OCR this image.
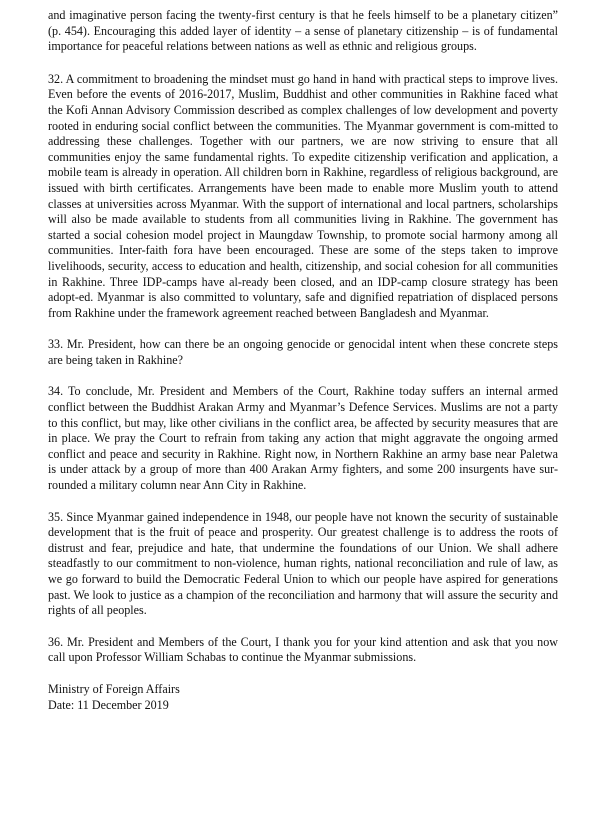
and imaginative person facing the twenty-first century is that he feels himself to be a planetary citizen” (p. 454). Encouraging this added layer of identity – a sense of planetary citizenship – is of fundamental importance for peaceful relations between nations as well as ethnic and religious groups.

32. A commitment to broadening the mindset must go hand in hand with practical steps to improve lives. Even before the events of 2016-2017, Muslim, Buddhist and other communities in Rakhine faced what the Kofi Annan Advisory Commission described as complex challenges of low development and poverty rooted in enduring social conflict between the communities. The Myanmar government is com-mitted to addressing these challenges. Together with our partners, we are now striving to ensure that all communities enjoy the same fundamental rights. To expedite citizenship verification and application, a mobile team is already in operation. All children born in Rakhine, regardless of religious background, are issued with birth certificates. Arrangements have been made to enable more Muslim youth to attend classes at universities across Myanmar. With the support of international and local partners, scholarships will also be made available to students from all communities living in Rakhine. The government has started a social cohesion model project in Maungdaw Township, to promote social harmony among all communities. Inter-faith fora have been encouraged. These are some of the steps taken to improve livelihoods, security, access to education and health, citizenship, and social cohesion for all communities in Rakhine. Three IDP-camps have al-ready been closed, and an IDP-camp closure strategy has been adopt-ed. Myanmar is also committed to voluntary, safe and dignified repatriation of displaced persons from Rakhine under the framework agreement reached between Bangladesh and Myanmar.

33. Mr. President, how can there be an ongoing genocide or genocidal intent when these concrete steps are being taken in Rakhine?

34. To conclude, Mr. President and Members of the Court, Rakhine today suffers an internal armed conflict between the Buddhist Arakan Army and Myanmar’s Defence Services. Muslims are not a party to this conflict, but may, like other civilians in the conflict area, be affected by security measures that are in place. We pray the Court to refrain from taking any action that might aggravate the ongoing armed conflict and peace and security in Rakhine. Right now, in Northern Rakhine an army base near Paletwa is under attack by a group of more than 400 Arakan Army fighters, and some 200 insurgents have sur-rounded a military column near Ann City in Rakhine.

35. Since Myanmar gained independence in 1948, our people have not known the security of sustainable development that is the fruit of peace and prosperity. Our greatest challenge is to address the roots of distrust and fear, prejudice and hate, that undermine the foundations of our Union. We shall adhere steadfastly to our commitment to non-violence, human rights, national reconciliation and rule of law, as we go forward to build the Democratic Federal Union to which our people have aspired for generations past. We look to justice as a champion of the reconciliation and harmony that will assure the security and rights of all peoples.

36. Mr. President and Members of the Court, I thank you for your kind attention and ask that you now call upon Professor William Schabas to continue the Myanmar submissions.

Ministry of Foreign Affairs

Date: 11 December 2019
